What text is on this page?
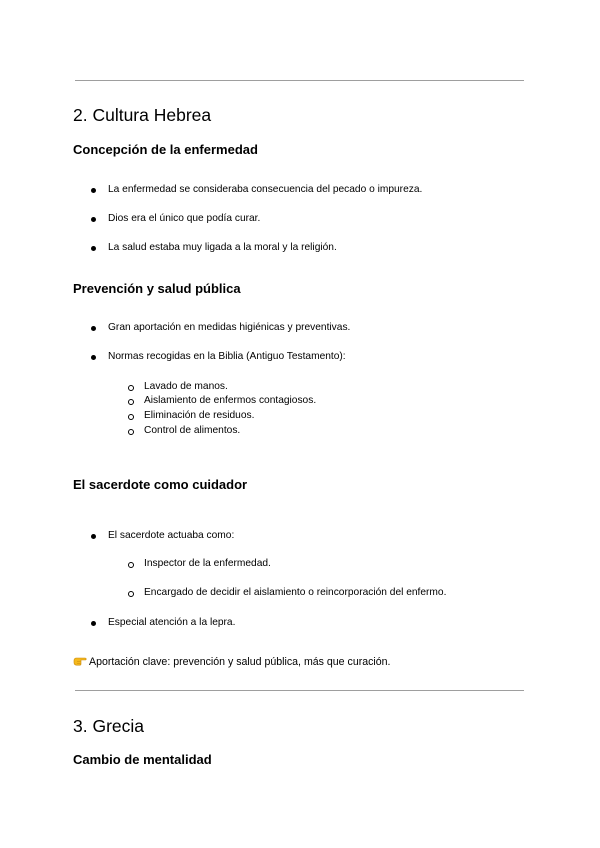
2. Cultura Hebrea
Concepción de la enfermedad
La enfermedad se consideraba consecuencia del pecado o impureza.
Dios era el único que podía curar.
La salud estaba muy ligada a la moral y la religión.
Prevención y salud pública
Gran aportación en medidas higiénicas y preventivas.
Normas recogidas en la Biblia (Antiguo Testamento):
Lavado de manos.
Aislamiento de enfermos contagiosos.
Eliminación de residuos.
Control de alimentos.
El sacerdote como cuidador
El sacerdote actuaba como:
Inspector de la enfermedad.
Encargado de decidir el aislamiento o reincorporación del enfermo.
Especial atención a la lepra.
Aportación clave: prevención y salud pública, más que curación.
3. Grecia
Cambio de mentalidad
